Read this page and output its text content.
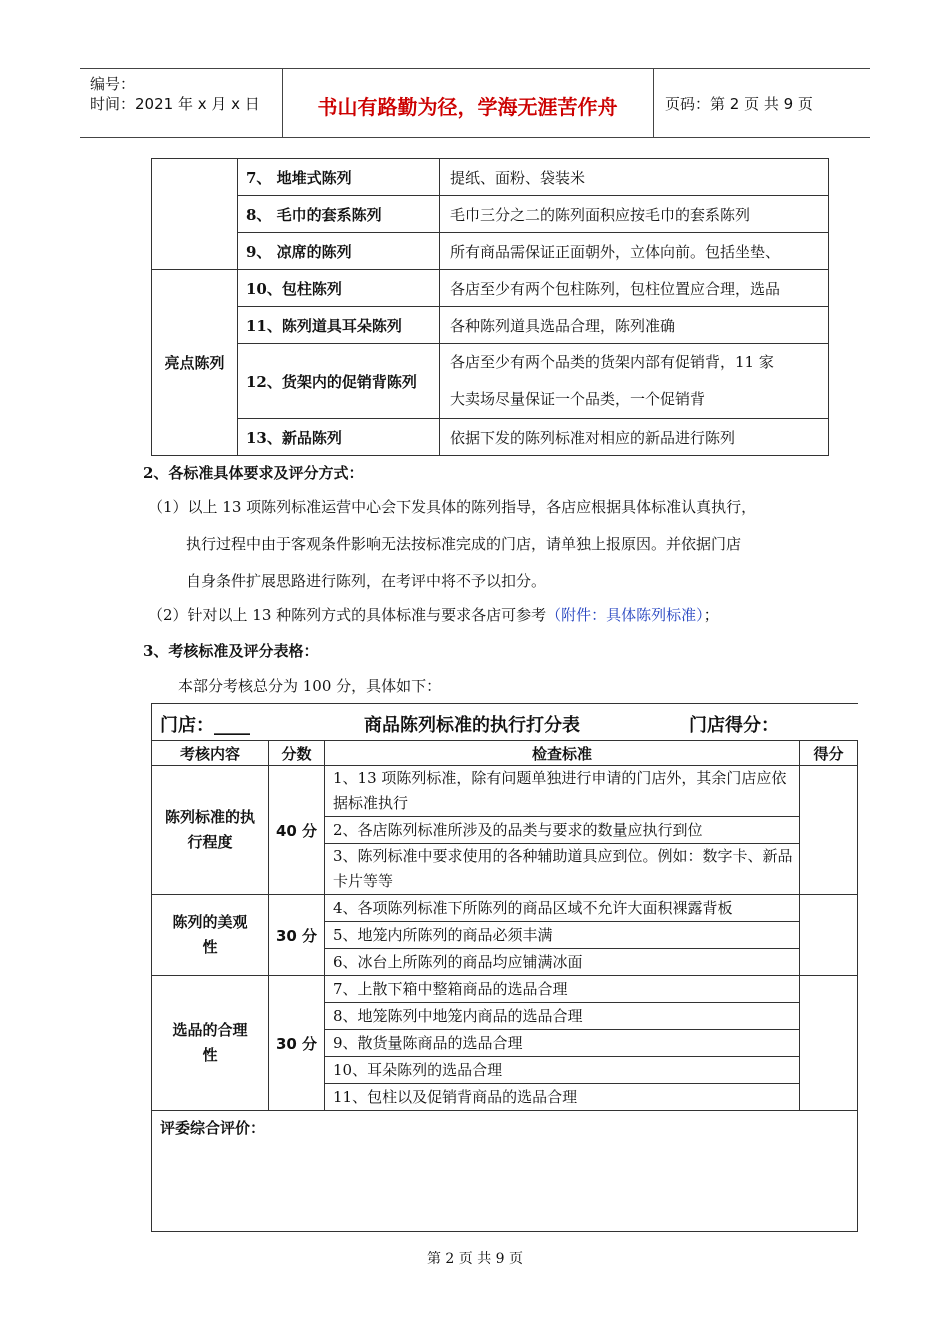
编号：
时间：2021 年 x 月 x 日	书山有路勤为径，学海无涯苦作舟	页码：第 2 页 共 9 页
	7、 地堆式陈列	提纸、面粉、袋装米
	8、 毛巾的套系陈列	毛巾三分之二的陈列面积应按毛巾的套系陈列
	9、 凉席的陈列	所有商品需保证正面朝外，立体向前。包括坐垫、
亮点陈列	10、包柱陈列	各店至少有两个包柱陈列，包柱位置应合理，选品
	11、陈列道具耳朵陈列	各种陈列道具选品合理，陈列准确
	12、货架内的促销背陈列	各店至少有两个品类的货架内部有促销背，11 家
大卖场尽量保证一个品类，一个促销背

	13、新品陈列	依据下发的陈列标准对相应的新品进行陈列
2、各标准具体要求及评分方式：
（1）以上 13 项陈列标准运营中心会下发具体的陈列指导，各店应根据具体标准认真执行，
执行过程中由于客观条件影响无法按标准完成的门店，请单独上报原因。并依据门店
自身条件扩展思路进行陈列，在考评中将不予以扣分。
（2）针对以上 13 种陈列方式的具体标准与要求各店可参考（附件：具体陈列标准）；
3、考核标准及评分表格：
本部分考核总分为 100 分，具体如下：
门店：____ 商品陈列标准的执行打分表 门店得分：			

考核内容	分数	检查标准	得分

陈列标准的执行程度	40 分	1、13 项陈列标准，除有问题单独进行申请的门店外，其余门店应依据标准执行	
		2、各店陈列标准所涉及的品类与要求的数量应执行到位	
		3、陈列标准中要求使用的各种辅助道具应到位。例如：数字卡、新品卡片等等	

陈列的美观性	30 分	4、各项陈列标准下所陈列的商品区域不允许大面积裸露背板	
		5、地笼内所陈列的商品必须丰满	
		6、冰台上所陈列的商品均应铺满冰面	

选品的合理性	30 分	7、上散下箱中整箱商品的选品合理	
		8、地笼陈列中地笼内商品的选品合理	
		9、散货量陈商品的选品合理	
		10、耳朵陈列的选品合理	
		11、包柱以及促销背商品的选品合理	
评委综合评价：			
第 2 页 共 9 页
